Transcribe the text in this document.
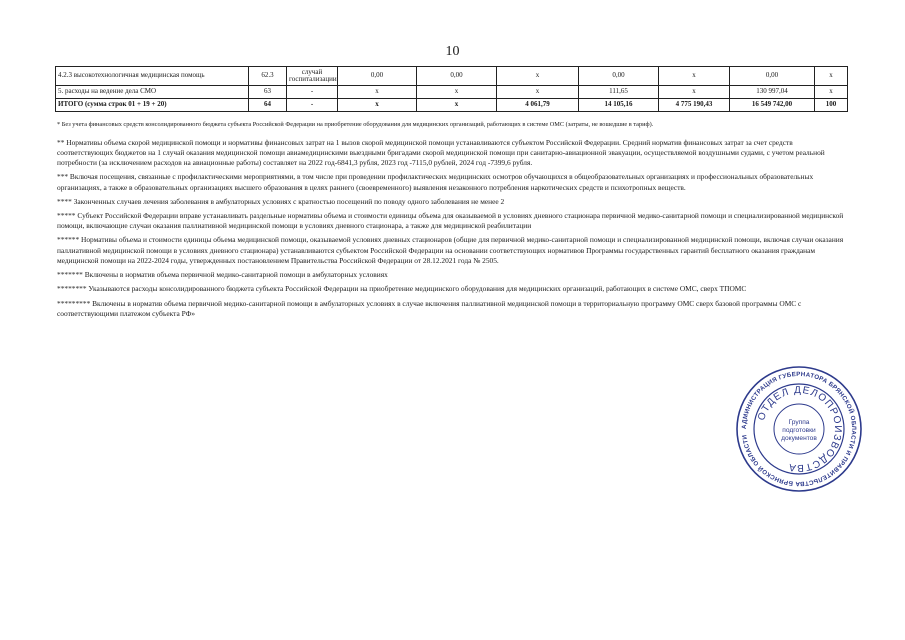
10
4.2.3 высокотехнологичная медицинская помощь	62.3	случай госпитализации	0,00	0,00	x	0,00	x	0,00	x
5. расходы на ведение дела СМО	63	-	x	x	x	111,65	x	130 997,04	x
ИТОГО (сумма строк 01 + 19 + 20)	64	-	x	x	4 061,79	14 105,16	4 775 190,43	16 549 742,00	100

* Без учета финансовых средств консолидированного бюджета субъекта Российской Федерации на приобретение оборудования для медицинских организаций, работающих в системе ОМС (затраты, не вошедшие в тариф).

** Нормативы объема скорой медицинской помощи и нормативы финансовых затрат на 1 вызов скорой медицинской помощи устанавливаются субъектом Российской Федерации. Средний норматив финансовых затрат за счет средств соответствующих бюджетов на 1 случай оказания медицинской помощи авиамедицинскими выездными бригадами скорой медицинской помощи при санитарно-авиационной эвакуации, осуществляемой воздушными судами, с учетом реальной потребности (за исключением расходов на авиационные работы) составляет на 2022 год-6841,3 рубля, 2023 год -7115,0 рублей, 2024 год -7399,6 рубля.

*** Включая посещения, связанные с профилактическими мероприятиями, в том числе при проведении профилактических медицинских осмотров обучающихся в общеобразовательных организациях и профессиональных образовательных организациях, а также в образовательных организациях высшего образования в целях раннего (своевременного) выявления незаконного потребления наркотических средств и психотропных веществ.

**** Законченных случаев лечения заболевания в амбулаторных условиях с кратностью посещений по поводу одного заболевания не менее 2

***** Субъект Российской Федерации вправе устанавливать раздельные нормативы объема и стоимости единицы объема для оказываемой в условиях дневного стационара первичной медико-санитарной помощи и специализированной медицинской помощи, включающие случаи оказания паллиативной медицинской помощи в условиях дневного стационара, а также для медицинской реабилитации

****** Нормативы объема и стоимости единицы объема медицинской помощи, оказываемой условиях дневных стационаров (общие для первичной медико-санитарной помощи и специализированной медицинской помощи, включая случаи оказания паллиативной медицинской помощи в условиях дневного стационара) устанавливаются субъектом Российской Федерации на основании соответствующих нормативов Программы государственных гарантий бесплатного оказания гражданам медицинской помощи на 2022-2024 годы, утвержденных постановлением Правительства Российской Федерации от 28.12.2021 года № 2505.

******* Включены в норматив объема первичной медико-санитарной помощи в амбулаторных условиях

******** Указываются расходы консолидированного бюджета субъекта Российской Федерации на приобретение медицинского оборудования для медицинских организаций, работающих в системе ОМС, сверх ТПОМС

********* Включены в норматив объема первичной медико-санитарной помощи в амбулаторных условиях в случае включения паллиативной медицинской помощи в территориальную программу ОМС сверх базовой программы ОМС с соответствующими платежом субъекта РФ»

АДМИНИСТРАЦИЯ ГУБЕРНАТОРА БРЯНСКОЙ ОБЛАСТИ И ПРАВИТЕЛЬСТВА БРЯНСКОЙ ОБЛАСТИ
ОТДЕЛ ДЕЛОПРОИЗВОДСТВА
Группа
подготовки
документов
